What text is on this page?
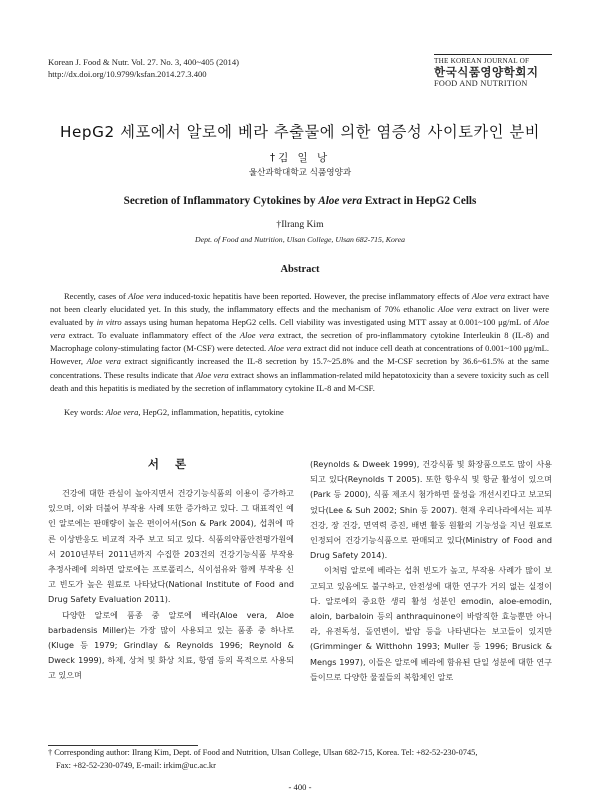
Korean J. Food & Nutr. Vol. 27. No. 3, 400~405 (2014)
http://dx.doi.org/10.9799/ksfan.2014.27.3.400
THE KOREAN JOURNAL OF
한국식품영양학회지
FOOD AND NUTRITION
HepG2 세포에서 알로에 베라 추출물에 의한 염증성 사이토카인 분비
†김 일 낭
울산과학대학교 식품영양과
Secretion of Inflammatory Cytokines by Aloe vera Extract in HepG2 Cells
†Ilrang Kim
Dept. of Food and Nutrition, Ulsan College, Ulsan 682-715, Korea
Abstract

Recently, cases of Aloe vera induced-toxic hepatitis have been reported. However, the precise inflammatory effects of Aloe vera extract have not been clearly elucidated yet. In this study, the inflammatory effects and the mechanism of 70% ethanolic Aloe vera extract on liver were evaluated by in vitro assays using human hepatoma HepG2 cells. Cell viability was investigated using MTT assay at 0.001~100 μg/mL of Aloe vera extract. To evaluate inflammatory effect of the Aloe vera extract, the secretion of pro-inflammatory cytokine Interleukin 8 (IL-8) and Macrophage colony-stimulating factor (M-CSF) were detected. Aloe vera extract did not induce cell death at concentrations of 0.001~100 μg/mL. However, Aloe vera extract significantly increased the IL-8 secretion by 15.7~25.8% and the M-CSF secretion by 36.6~61.5% at the same concentrations. These results indicate that Aloe vera extract shows an inflammation-related mild hepatotoxicity than a severe toxicity such as cell death and this hepatitis is mediated by the secretion of inflammatory cytokine IL-8 and M-CSF.

Key words: Aloe vera, HepG2, inflammation, hepatitis, cytokine
서 론

건강에 대한 관심이 높아지면서 건강기능식품의 이용이 증가하고 있으며, 이와 더불어 부작용 사례 또한 증가하고 있다. 그 대표적인 예인 알로에는 판매량이 높은 편이어서(Son & Park 2004), 섭취에 따른 이상반응도 비교적 자주 보고 되고 있다. 식품의약품안전평가원에서 2010년부터 2011년까지 수집한 203건의 건강기능식품 부작용 추정사례에 의하면 알로에는 프로폴리스, 식이섬유와 함께 부작용 신고 빈도가 높은 원료로 나타났다(National Institute of Food and Drug Safety Evaluation 2011).

다양한 알로에 품종 중 알로에 베라(Aloe vera, Aloe barbadensis Miller)는 가장 많이 사용되고 있는 품종 중 하나로(Kluge 등 1979; Grindlay & Reynolds 1996; Reynold & Dweck 1999), 하제, 상처 및 화상 치료, 항염 등의 목적으로 사용되고 있으며

(Reynolds & Dweek 1999), 건강식품 및 화장품으로도 많이 사용되고 있다(Reynolds T 2005). 또한 항우식 및 항균 활성이 있으며(Park 등 2000), 식품 제조시 첨가하면 물성을 개선시킨다고 보고되었다(Lee & Suh 2002; Shin 등 2007). 현재 우리나라에서는 피부 건강, 장 건강, 면역력 증진, 배변 활동 원활의 기능성을 지닌 원료로 인정되어 건강기능식품으로 판매되고 있다(Ministry of Food and Drug Safety 2014).

이처럼 알로에 베라는 섭취 빈도가 높고, 부작용 사례가 많이 보고되고 있음에도 불구하고, 안전성에 대한 연구가 거의 없는 실정이다. 알로에의 중요한 생리 활성 성분인 emodin, aloe-emodin, aloin, barbaloin 등의 anthraquinone이 바람직한 효능뿐만 아니라, 유전독성, 돌연변이, 발암 등을 나타낸다는 보고들이 있지만(Grimminger & Witthohn 1993; Muller 등 1996; Brusick & Mengs 1997), 이들은 알로에 베라에 함유된 단일 성분에 대한 연구들이므로 다양한 물질들의 복합체인 알로

† Corresponding author: Ilrang Kim, Dept. of Food and Nutrition, Ulsan College, Ulsan 682-715, Korea. Tel: +82-52-230-0745,
Fax: +82-52-230-0749, E-mail: irkim@uc.ac.kr
- 400 -
